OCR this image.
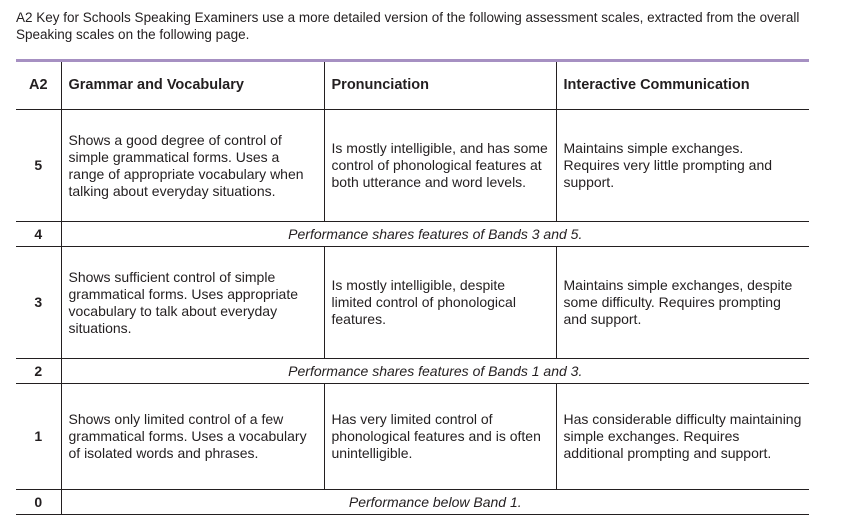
A2 Key for Schools Speaking Examiners use a more detailed version of the following assessment scales, extracted from the overall Speaking scales on the following page.

A2	Grammar and Vocabulary	Pronunciation	Interactive Communication
5	Shows a good degree of control of simple grammatical forms. Uses a range of appropriate vocabulary when talking about everyday situations.	Is mostly intelligible, and has some control of phonological features at both utterance and word levels.	Maintains simple exchanges. Requires very little prompting and support.
4	Performance shares features of Bands 3 and 5.		
3	Shows sufficient control of simple grammatical forms. Uses appropriate vocabulary to talk about everyday situations.	Is mostly intelligible, despite limited control of phonological features.	Maintains simple exchanges, despite some difficulty. Requires prompting and support.
2	Performance shares features of Bands 1 and 3.		
1	Shows only limited control of a few grammatical forms. Uses a vocabulary of isolated words and phrases.	Has very limited control of phonological features and is often unintelligible.	Has considerable difficulty maintaining simple exchanges. Requires additional prompting and support.
0	Performance below Band 1.		
